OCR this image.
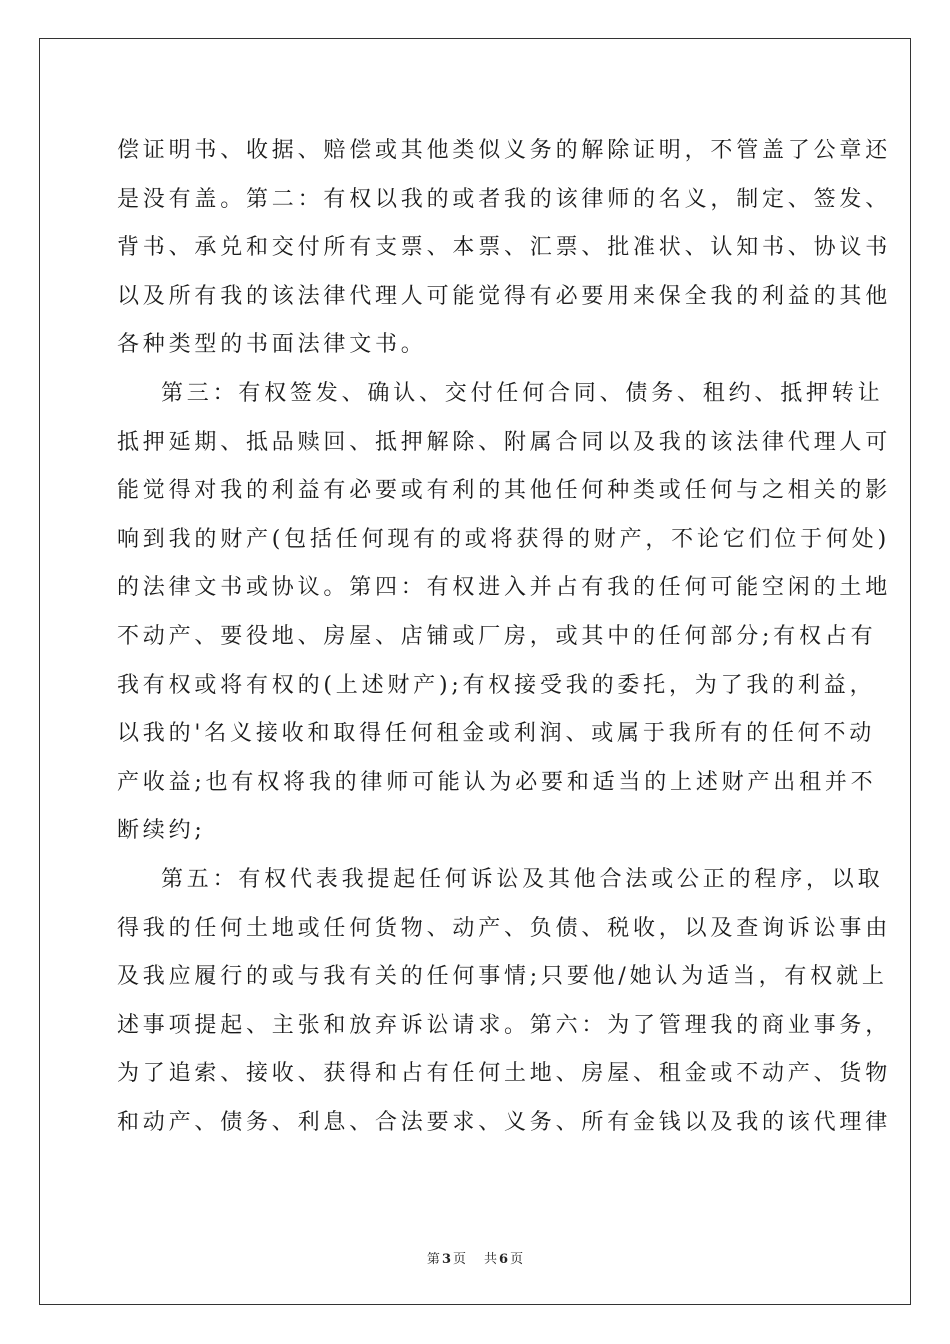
偿证明书、收据、赔偿或其他类似义务的解除证明，不管盖了公章还
是没有盖。第二：有权以我的或者我的该律师的名义，制定、签发、
背书、承兑和交付所有支票、本票、汇票、批准状、认知书、协议书
以及所有我的该法律代理人可能觉得有必要用来保全我的利益的其他
各种类型的书面法律文书。
第三：有权签发、确认、交付任何合同、债务、租约、抵押转让
抵押延期、抵品赎回、抵押解除、附属合同以及我的该法律代理人可
能觉得对我的利益有必要或有利的其他任何种类或任何与之相关的影
响到我的财产(包括任何现有的或将获得的财产，不论它们位于何处)
的法律文书或协议。第四：有权进入并占有我的任何可能空闲的土地
不动产、要役地、房屋、店铺或厂房，或其中的任何部分;有权占有
我有权或将有权的(上述财产);有权接受我的委托，为了我的利益，
以我的'名义接收和取得任何租金或利润、或属于我所有的任何不动
产收益;也有权将我的律师可能认为必要和适当的上述财产出租并不
断续约;
第五：有权代表我提起任何诉讼及其他合法或公正的程序，以取
得我的任何土地或任何货物、动产、负债、税收，以及查询诉讼事由
及我应履行的或与我有关的任何事情;只要他/她认为适当，有权就上
述事项提起、主张和放弃诉讼请求。第六：为了管理我的商业事务，
为了追索、接收、获得和占有任何土地、房屋、租金或不动产、货物
和动产、债务、利息、合法要求、义务、所有金钱以及我的该代理律
第 3 页 共 6 页
